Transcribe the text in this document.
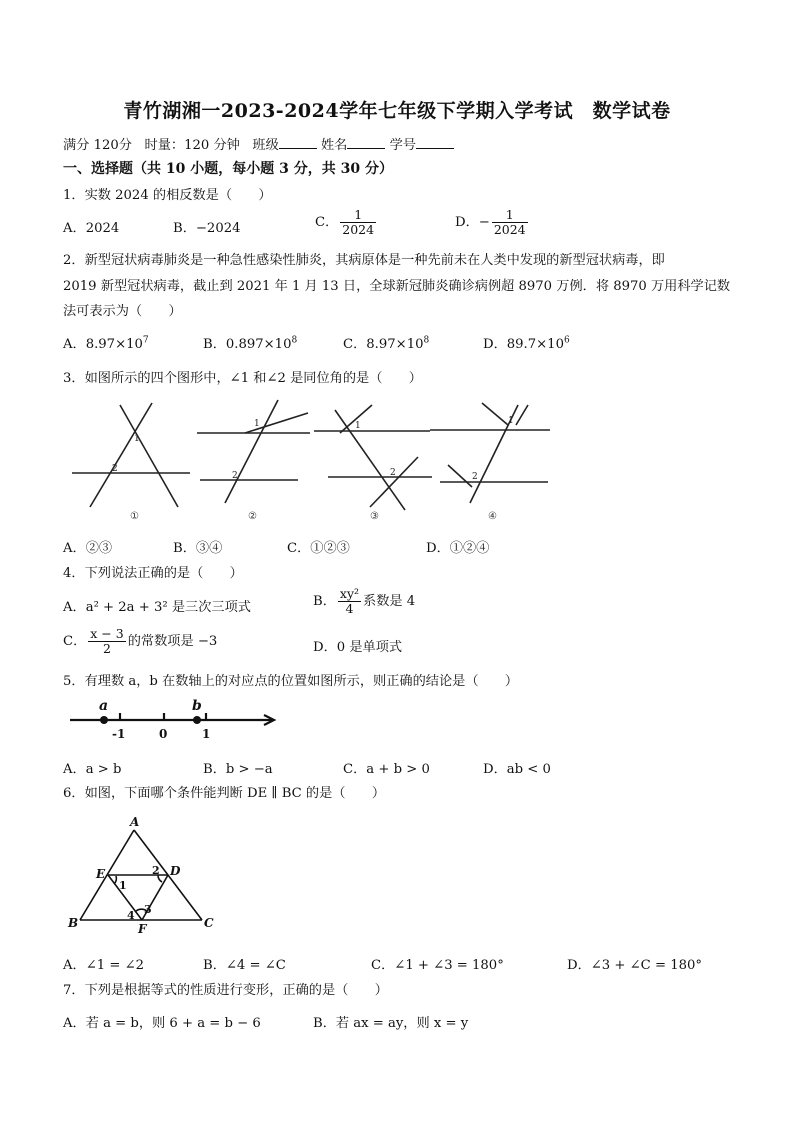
青竹湖湘一2023-2024学年七年级下学期入学考试　数学试卷
满分 120分 时量：120 分钟 班级	姓名	学号
一、选择题（共 10 小题，每小题 3 分，共 30 分）
1．实数 2024 的相反数是（　　）
A．2024	B．−2024	C． $\frac{1}{2024}$	D．− $\frac{1}{2024}$
2．新型冠状病毒肺炎是一种急性感染性肺炎，其病原体是一种先前未在人类中发现的新型冠状病毒，即
2019 新型冠状病毒，截止到 2021 年 1 月 13 日，全球新冠肺炎确诊病例超 8970 万例．将 8970 万用科学记数
法可表示为（　　）
A．$8.97\times 10^7$	B．$0.897\times 10^8$	C．$8.97\times 10^8$	D．$89.7\times 10^6$
3．如图所示的四个图形中，∠1 和∠2 是同位角的是（　　）
1
2
1
2
1
2
1
2
①	②	③	④
A．②③	B．③④	C．①②③	D．①②④
4．下列说法正确的是（　　）
A．a² + 2a + 3² 是三次三项式	B． $\frac{\text{xy²}}{4}$ 系数是 4
C． $\frac{x - 3}{2}$ 的常数项是 −3	D．0 是单项式
5．有理数 a，b 在数轴上的对应点的位置如图所示，则正确的结论是（　　）
a	b
-1	0	1
A．a > b	B．b > −a	C．a + b > 0	D．ab < 0
6．如图，下面哪个条件能判断 DE ∥ BC 的是（　　）
A
B	C
D
E
F
1
2
3
4
A．∠1 = ∠2	B．∠4 = ∠C	C．∠1 + ∠3 = 180°	D．∠3 + ∠C = 180°
7．下列是根据等式的性质进行变形，正确的是（　　）
A．若 a = b，则 6 + a = b − 6	B．若 ax = ay，则 x = y
